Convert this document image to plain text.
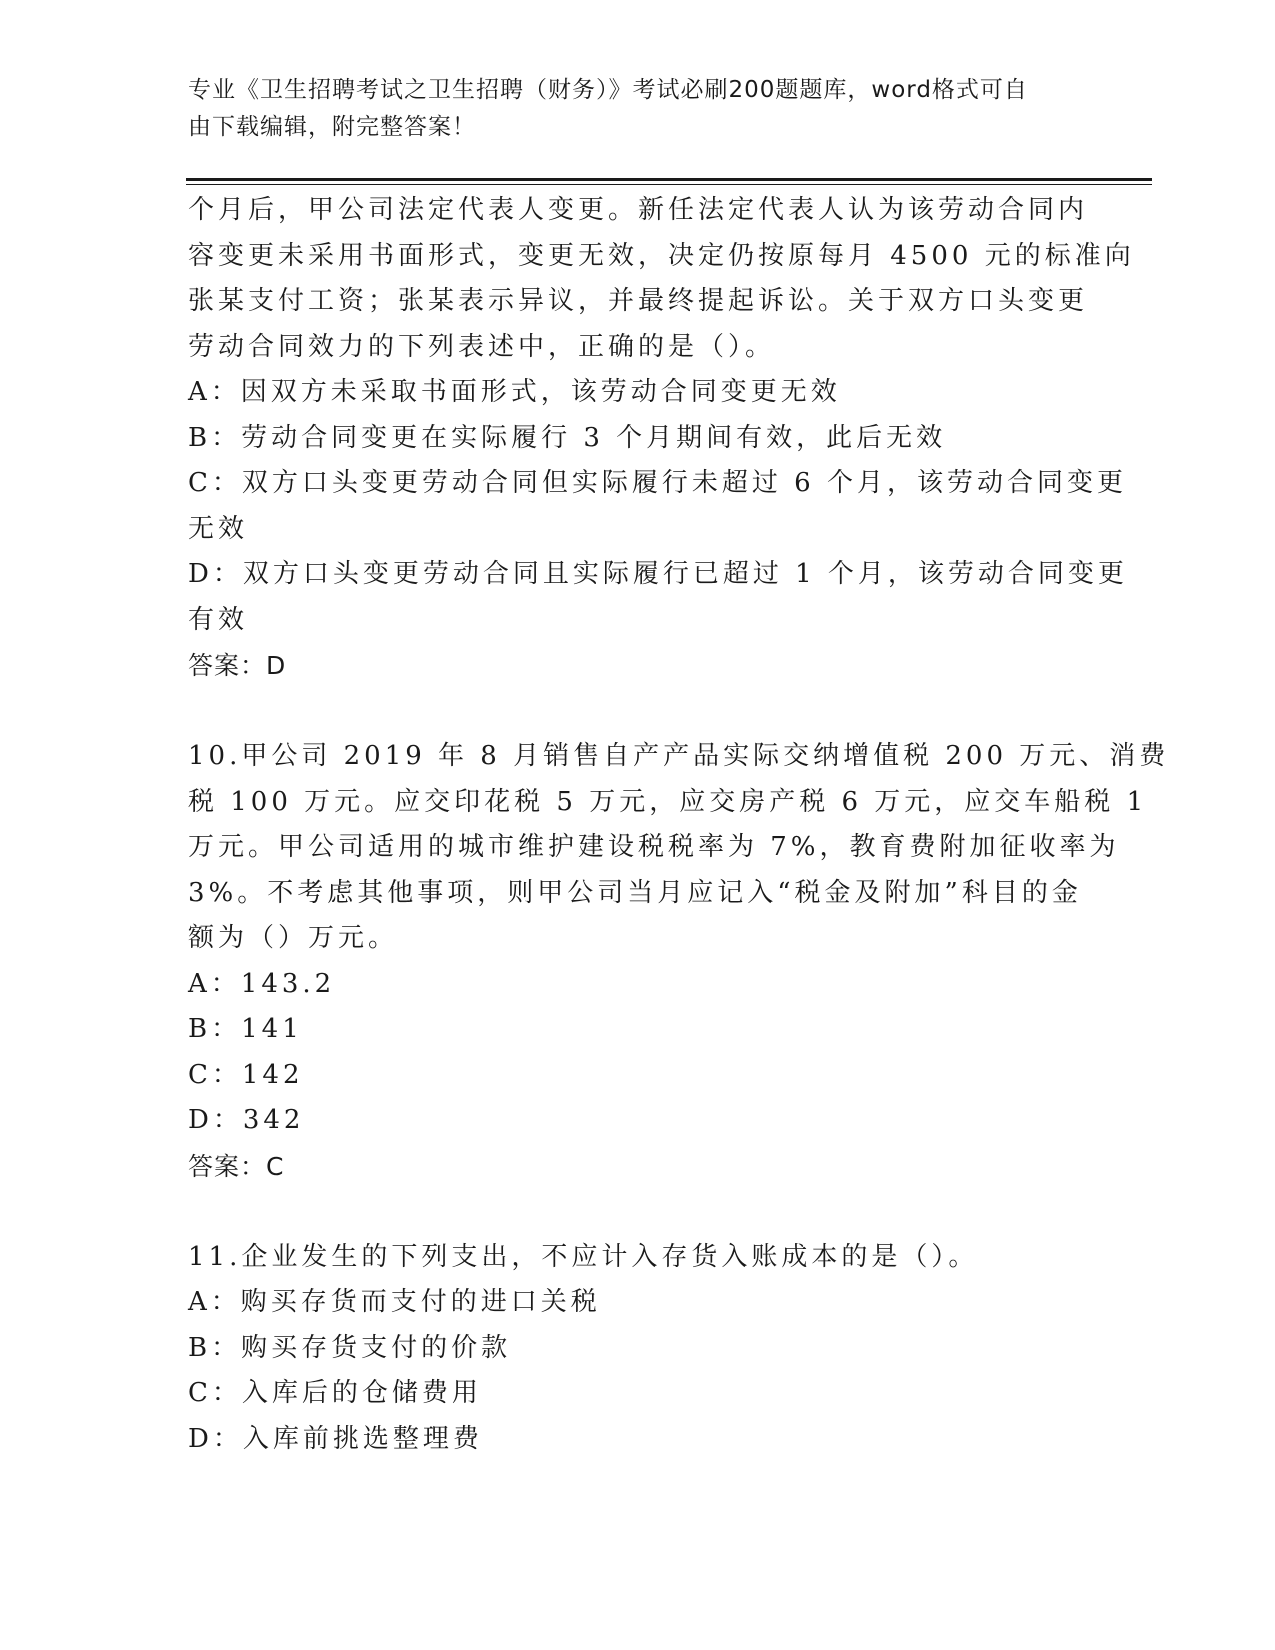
专业《卫生招聘考试之卫生招聘（财务）》考试必刷200题题库，word格式可自
由下载编辑，附完整答案！
个月后，甲公司法定代表人变更。新任法定代表人认为该劳动合同内
容变更未采用书面形式，变更无效，决定仍按原每月 4500 元的标准向
张某支付工资；张某表示异议，并最终提起诉讼。关于双方口头变更
劳动合同效力的下列表述中，正确的是（）。
A：因双方未采取书面形式，该劳动合同变更无效
B：劳动合同变更在实际履行 3 个月期间有效，此后无效
C：双方口头变更劳动合同但实际履行未超过 6 个月，该劳动合同变更
无效
D：双方口头变更劳动合同且实际履行已超过 1 个月，该劳动合同变更
有效
答案：D
10.甲公司 2019 年 8 月销售自产产品实际交纳增值税 200 万元、消费
税 100 万元。应交印花税 5 万元，应交房产税 6 万元，应交车船税 1
万元。甲公司适用的城市维护建设税税率为 7%，教育费附加征收率为
3%。不考虑其他事项，则甲公司当月应记入“税金及附加”科目的金
额为（）万元。
A：143.2
B：141
C：142
D：342
答案：C
11.企业发生的下列支出，不应计入存货入账成本的是（）。
A：购买存货而支付的进口关税
B：购买存货支付的价款
C：入库后的仓储费用
D：入库前挑选整理费
